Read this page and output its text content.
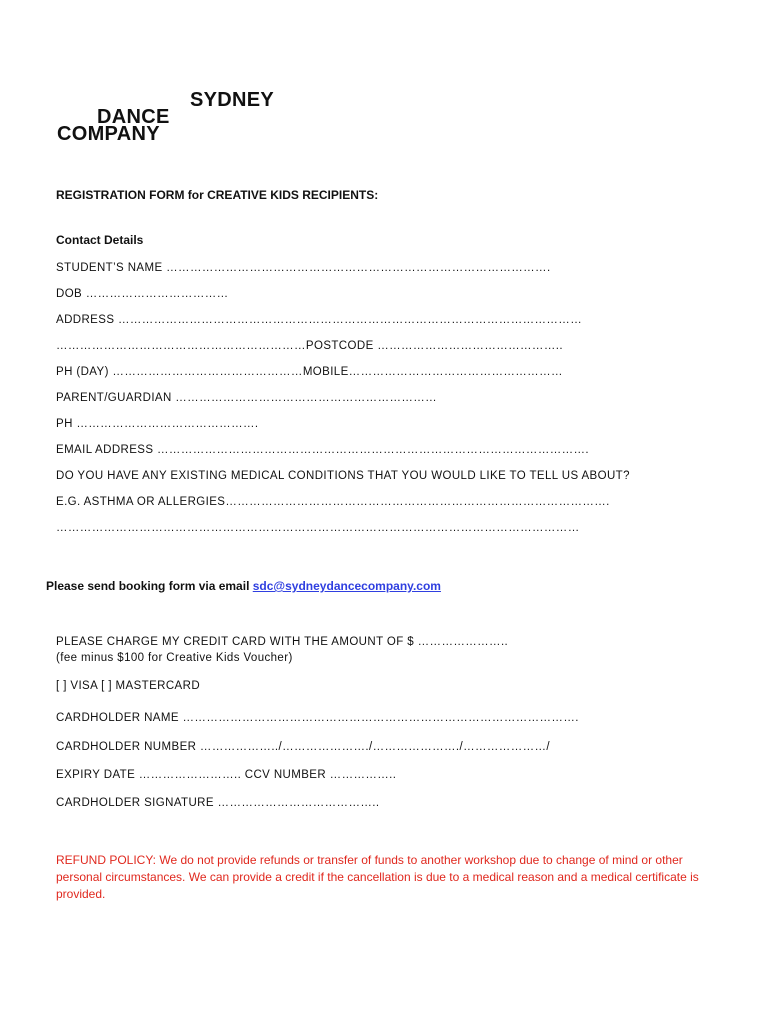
SYDNEY
DANCE
COMPANY
REGISTRATION FORM for CREATIVE KIDS RECIPIENTS:
Contact Details
STUDENT’S NAME …………………………………………………………………………………….
DOB ………………………………
ADDRESS ………………………………………………………………………………………………………
………………………………………………………POSTCODE ………………………………………..
PH (DAY) …………………………………………MOBILE………………………………………………
PARENT/GUARDIAN …………………………………………………………
PH ……………………………………….
EMAIL ADDRESS ……………………………………………………………………………………………….
DO YOU HAVE ANY EXISTING MEDICAL CONDITIONS THAT YOU WOULD LIKE TO TELL US ABOUT?
E.G. ASTHMA OR ALLERGIES…………………………………………………………………………………….
……………………………………………………………………………………………………………………
Please send booking form via email sdc@sydneydancecompany.com
PLEASE CHARGE MY CREDIT CARD WITH THE AMOUNT OF $ …………………..
(fee minus $100 for Creative Kids Voucher)
[ ] VISA [ ] MASTERCARD
CARDHOLDER NAME ……………………………………………………………………………………….
CARDHOLDER NUMBER ………………../…………………./…………………./…………………/
EXPIRY DATE …………………….. CCV NUMBER ……………..
CARDHOLDER SIGNATURE …………………………………..
REFUND POLICY: We do not provide refunds or transfer of funds to another workshop due to change of mind or other personal circumstances. We can provide a credit if the cancellation is due to a medical reason and a medical certificate is provided.
